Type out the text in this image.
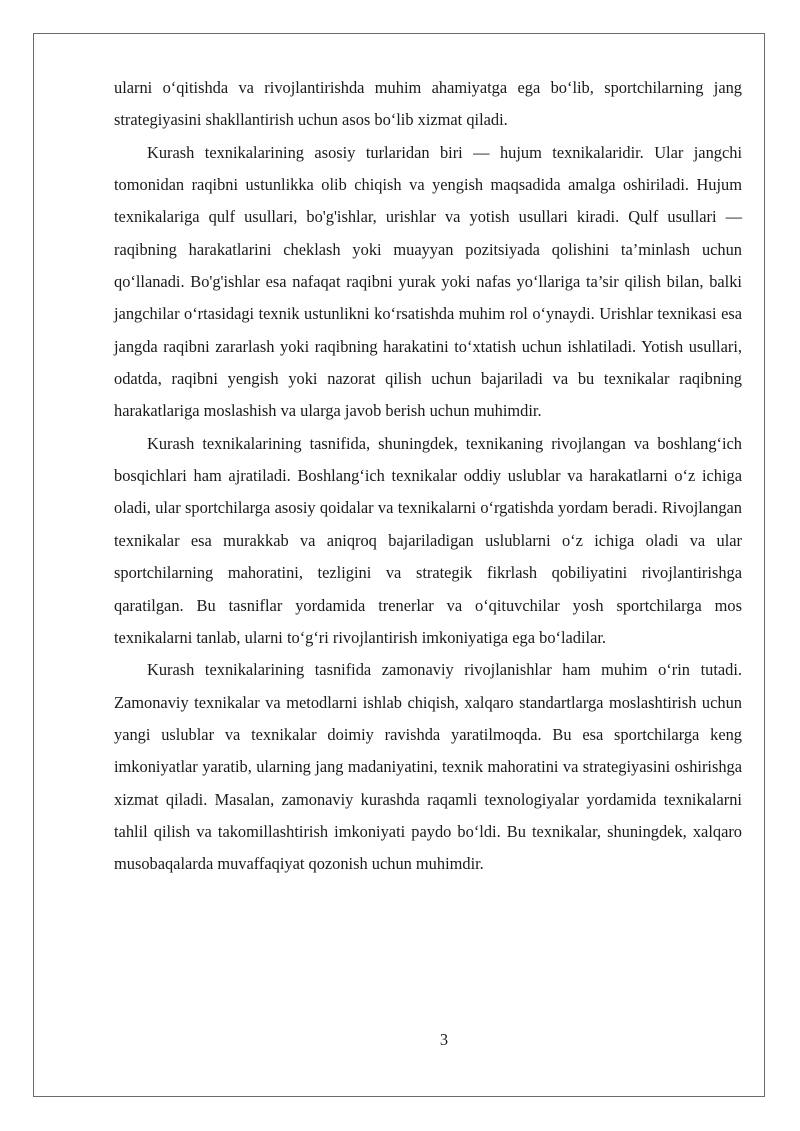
ularni o‘qitishda va rivojlantirishda muhim ahamiyatga ega bo‘lib, sportchilarning jang strategiyasini shakllantirish uchun asos bo‘lib xizmat qiladi.

Kurash texnikalarining asosiy turlaridan biri — hujum texnikalaridir. Ular jangchi tomonidan raqibni ustunlikka olib chiqish va yengish maqsadida amalga oshiriladi. Hujum texnikalariga qulf usullari, bo'g'ishlar, urishlar va yotish usullari kiradi. Qulf usullari — raqibning harakatlarini cheklash yoki muayyan pozitsiyada qolishini ta’minlash uchun qo‘llanadi. Bo'g'ishlar esa nafaqat raqibni yurak yoki nafas yo‘llariga ta’sir qilish bilan, balki jangchilar o‘rtasidagi texnik ustunlikni ko‘rsatishda muhim rol o‘ynaydi. Urishlar texnikasi esa jangda raqibni zararlash yoki raqibning harakatini to‘xtatish uchun ishlatiladi. Yotish usullari, odatda, raqibni yengish yoki nazorat qilish uchun bajariladi va bu texnikalar raqibning harakatlariga moslashish va ularga javob berish uchun muhimdir.

Kurash texnikalarining tasnifida, shuningdek, texnikaning rivojlangan va boshlang‘ich bosqichlari ham ajratiladi. Boshlang‘ich texnikalar oddiy uslublar va harakatlarni o‘z ichiga oladi, ular sportchilarga asosiy qoidalar va texnikalarni o‘rgatishda yordam beradi. Rivojlangan texnikalar esa murakkab va aniqroq bajariladigan uslublarni o‘z ichiga oladi va ular sportchilarning mahoratini, tezligini va strategik fikrlash qobiliyatini rivojlantirishga qaratilgan. Bu tasniflar yordamida trenerlar va o‘qituvchilar yosh sportchilarga mos texnikalarni tanlab, ularni to‘g‘ri rivojlantirish imkoniyatiga ega bo‘ladilar.

Kurash texnikalarining tasnifida zamonaviy rivojlanishlar ham muhim o‘rin tutadi. Zamonaviy texnikalar va metodlarni ishlab chiqish, xalqaro standartlarga moslashtirish uchun yangi uslublar va texnikalar doimiy ravishda yaratilmoqda. Bu esa sportchilarga keng imkoniyatlar yaratib, ularning jang madaniyatini, texnik mahoratini va strategiyasini oshirishga xizmat qiladi. Masalan, zamonaviy kurashda raqamli texnologiyalar yordamida texnikalarni tahlil qilish va takomillashtirish imkoniyati paydo bo‘ldi. Bu texnikalar, shuningdek, xalqaro musobaqalarda muvaffaqiyat qozonish uchun muhimdir.

3
